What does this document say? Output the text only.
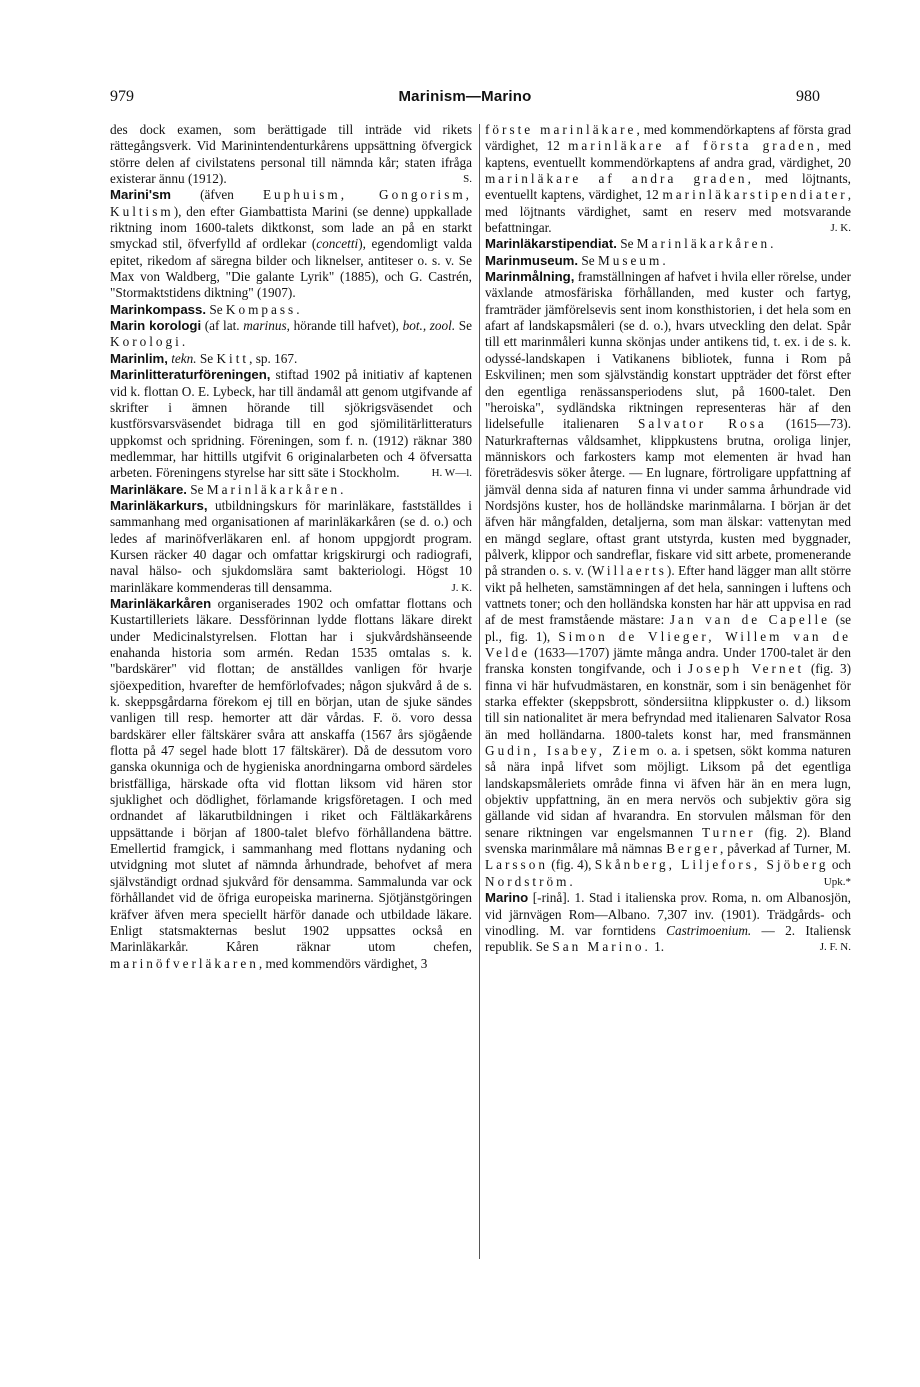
979	Marinism—Marino	980

des dock examen, som berättigade till inträde vid rikets rättegångsverk. Vid Marinintendenturkårens uppsättning öfvergick större delen af civilstatens personal till nämnda kår; staten ifråga existerar ännu (1912).	S.

Marini'sm (äfven Euphuism, Gongorism, Kultism), den efter Giambattista Marini (se denne) uppkallade riktning inom 1600-talets diktkonst, som lade an på en starkt smyckad stil, öfverfylld af ordlekar (concetti), egendomligt valda epitet, rikedom af säregna bilder och liknelser, antiteser o. s. v. Se Max von Waldberg, "Die galante Lyrik" (1885), och G. Castrén, "Stormaktstidens diktning" (1907).

Marinkompass. Se Kompass.

Marin korologi (af lat. marinus, hörande till hafvet), bot., zool. Se Korologi.

Marinlim, tekn. Se Kitt, sp. 167.

Marinlitteraturföreningen, stiftad 1902 på initiativ af kaptenen vid k. flottan O. E. Lybeck, har till ändamål att genom utgifvande af skrifter i ämnen hörande till sjökrigsväsendet och kustförsvarsväsendet bidraga till en god sjömilitärlitteraturs uppkomst och spridning. Föreningen, som f. n. (1912) räknar 380 medlemmar, har hittills utgifvit 6 originalarbeten och 4 öfversatta arbeten. Föreningens styrelse har sitt säte i Stockholm.	H. W—l.

Marinläkare. Se Marinläkarkåren.

Marinläkarkurs, utbildningskurs för marinläkare, fastställdes i sammanhang med organisationen af marinläkarkåren (se d. o.) och ledes af marinöfverläkaren enl. af honom uppgjordt program. Kursen räcker 40 dagar och omfattar krigskirurgi och radiografi, naval hälso- och sjukdomslära samt bakteriologi. Högst 10 marinläkare kommenderas till densamma.	J. K.

Marinläkarkåren organiserades 1902 och omfattar flottans och Kustartilleriets läkare. Dessförinnan lydde flottans läkare direkt under Medicinalstyrelsen. Flottan har i sjukvårdshänseende enahanda historia som armén. Redan 1535 omtalas s. k. "bardskärer" vid flottan; de anställdes vanligen för hvarje sjöexpedition, hvarefter de hemförlofvades; någon sjukvård å de s. k. skeppsgårdarna förekom ej till en början, utan de sjuke sändes vanligen till resp. hemorter att där vårdas. F. ö. voro dessa bardskärer eller fältskärer svåra att anskaffa (1567 års sjögående flotta på 47 segel hade blott 17 fältskärer). Då de dessutom voro ganska okunniga och de hygieniska anordningarna ombord särdeles bristfälliga, härskade ofta vid flottan liksom vid hären stor sjuklighet och dödlighet, förlamande krigsföretagen. I och med ordnandet af läkarutbildningen i riket och Fältläkarkårens uppsättande i början af 1800-talet blefvo förhållandena bättre. Emellertid framgick, i sammanhang med flottans nydaning och utvidgning mot slutet af nämnda århundrade, behofvet af mera självständigt ordnad sjukvård för densamma. Sammalunda var ock förhållandet vid de öfriga europeiska marinerna. Sjötjänstgöringen kräfver äfven mera speciellt härför danade och utbildade läkare. Enligt statsmakternas beslut 1902 uppsattes också en Marinläkarkår. Kåren räknar utom chefen, marinöfverläkaren, med kommendörs värdighet, 3

förste marinläkare, med kommendörkaptens af första grad värdighet, 12 marinläkare af första graden, med kaptens, eventuellt kommendörkaptens af andra grad, värdighet, 20 marinläkare af andra graden, med löjtnants, eventuellt kaptens, värdighet, 12 marinläkarstipendiater, med löjtnants värdighet, samt en reserv med motsvarande befattningar.	J. K.

Marinläkarstipendiat. Se Marinläkarkåren.

Marinmuseum. Se Museum.

Marinmålning, framställningen af hafvet i hvila eller rörelse, under växlande atmosfäriska förhållanden, med kuster och fartyg, framträder jämförelsevis sent inom konsthistorien, i det hela som en afart af landskapsmåleri (se d. o.), hvars utveckling den delat. Spår till ett marinmåleri kunna skönjas under antikens tid, t. ex. i de s. k. odyssé-landskapen i Vatikanens bibliotek, funna i Rom på Eskvilinen; men som självständig konstart uppträder det först efter den egentliga renässansperiodens slut, på 1600-talet. Den "heroiska", sydländska riktningen representeras här af den lidelsefulle italienaren Salvator Rosa (1615—73). Naturkrafternas våldsamhet, klippkustens brutna, oroliga linjer, människors och farkosters kamp mot elementen är hvad han företrädesvis söker återge. — En lugnare, förtroligare uppfattning af jämväl denna sida af naturen finna vi under samma århundrade vid Nordsjöns kuster, hos de holländske marinmålarna. I början är det äfven här mångfalden, detaljerna, som man älskar: vattenytan med en mängd seglare, oftast grant utstyrda, kusten med byggnader, pålverk, klippor och sandreflar, fiskare vid sitt arbete, promenerande på stranden o. s. v. (Willaerts). Efter hand lägger man allt större vikt på helheten, samstämningen af det hela, sanningen i luftens och vattnets toner; och den holländska konsten har här att uppvisa en rad af de mest framstående mästare: Jan van de Capelle (se pl., fig. 1), Simon de Vlieger, Willem van de Velde (1633—1707) jämte många andra. Under 1700-talet är den franska konsten tongifvande, och i Joseph Vernet (fig. 3) finna vi här hufvudmästaren, en konstnär, som i sin benägenhet för starka effekter (skeppsbrott, söndersiitna klippkuster o. d.) liksom till sin nationalitet är mera befryndad med italienaren Salvator Rosa än med holländarna. 1800-talets konst har, med fransmännen Gudin, Isabey, Ziem o. a. i spetsen, sökt komma naturen så nära inpå lifvet som möjligt. Liksom på det egentliga landskapsmåleriets område finna vi äfven här än en mera lugn, objektiv uppfattning, än en mera nervös och subjektiv göra sig gällande vid sidan af hvarandra. En storvulen målsman för den senare riktningen var engelsmannen Turner (fig. 2). Bland svenska marinmålare må nämnas Berger, påverkad af Turner, M. Larsson (fig. 4), Skånberg, Liljefors, Sjöberg och Nordström.	Upk.*

Marino [-rinå]. 1. Stad i italienska prov. Roma, n. om Albanosjön, vid järnvägen Rom—Albano. 7,307 inv. (1901). Trädgårds- och vinodling. M. var forntidens Castrimoenium. — 2. Italiensk republik. Se San Marino. 1.	J. F. N.
